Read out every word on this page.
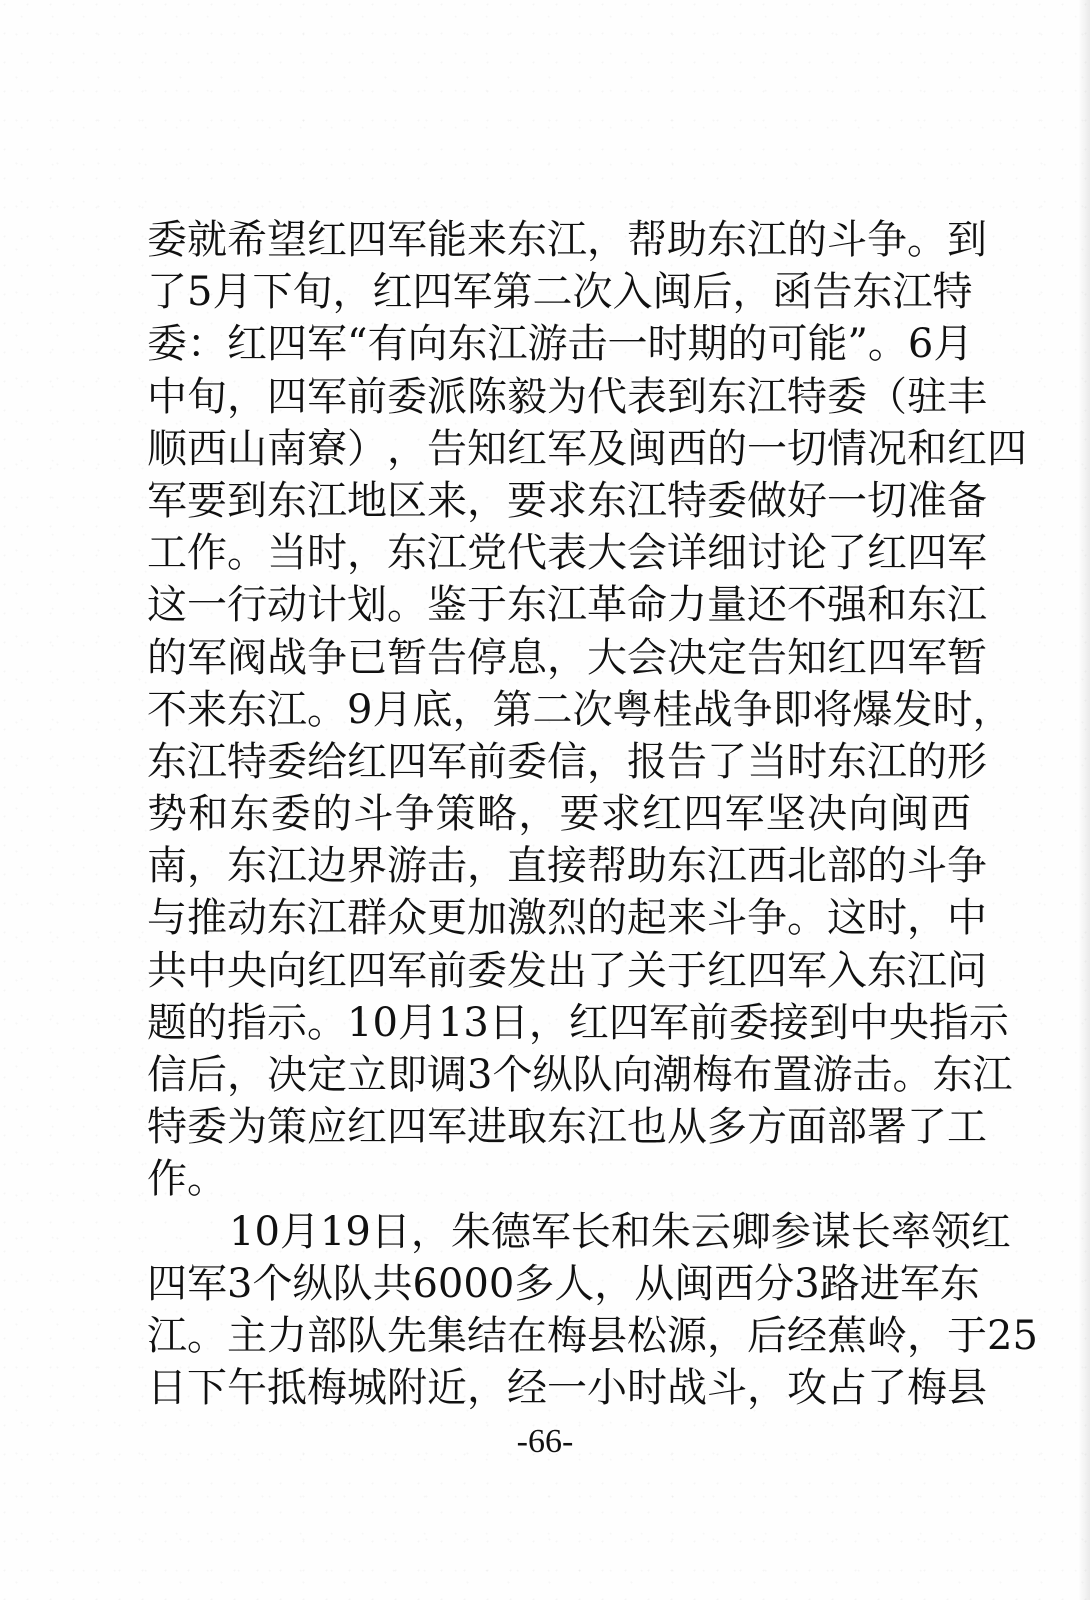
委 就 希 望 红 四 军 能 来 东 江 ， 帮 助 东 江 的 斗 争 。 到
了 5 月 下 旬 ， 红 四 军 第 二 次 入 闽 后 ， 函 告 东 江 特
委 ： 红 四 军 “ 有 向 东 江 游 击 一 时 期 的 可 能 ” 。 6 月
中 旬 ， 四 军 前 委 派 陈 毅 为 代 表 到 东 江 特 委 （ 驻 丰
顺 西 山 南 寮 ） ， 告 知 红 军 及 闽 西 的 一 切 情 况 和 红 四
军 要 到 东 江 地 区 来 ， 要 求 东 江 特 委 做 好 一 切 准 备
工 作 。 当 时 ， 东 江 党 代 表 大 会 详 细 讨 论 了 红 四 军
这 一 行 动 计 划 。 鉴 于 东 江 革 命 力 量 还 不 强 和 东 江
的 军 阀 战 争 已 暂 告 停 息 ， 大 会 决 定 告 知 红 四 军 暂
不 来 东 江 。 9 月 底 ， 第 二 次 粤 桂 战 争 即 将 爆 发 时 ，
东 江 特 委 给 红 四 军 前 委 信 ， 报 告 了 当 时 东 江 的 形
势 和 东 委 的 斗 争 策 略 ， 要 求 红 四 军 坚 决 向 闽 西
南 ， 东 江 边 界 游 击 ， 直 接 帮 助 东 江 西 北 部 的 斗 争
与 推 动 东 江 群 众 更 加 激 烈 的 起 来 斗 争 。 这 时 ， 中
共 中 央 向 红 四 军 前 委 发 出 了 关 于 红 四 军 入 东 江 问
题 的 指 示 。 1 0 月 1 3 日 ， 红 四 军 前 委 接 到 中 央 指 示
信 后 ， 决 定 立 即 调 3 个 纵 队 向 潮 梅 布 置 游 击 。 东 江
特 委 为 策 应 红 四 军 进 取 东 江 也 从 多 方 面 部 署 了 工
作。
1 0 月 1 9 日 ， 朱 德 军 长 和 朱 云 卿 参 谋 长 率 领 红
四 军 3 个 纵 队 共 6 0 0 0 多 人 ， 从 闽 西 分 3 路 进 军 东
江 。 主 力 部 队 先 集 结 在 梅 县 松 源 ， 后 经 蕉 岭 ， 于 2 5
日 下 午 抵 梅 城 附 近 ， 经 一 小 时 战 斗 ， 攻 占 了 梅 县
-66-
